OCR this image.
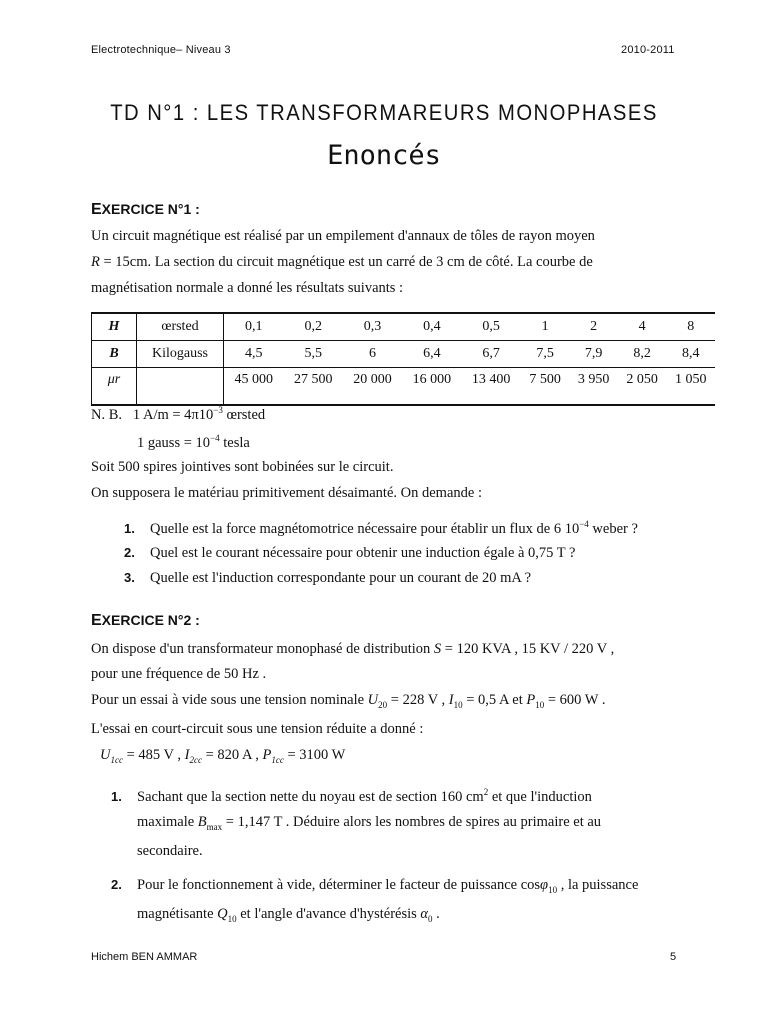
Electrotechnique– Niveau 3	2010-2011
TD N°1 : LES TRANSFORMAREURS MONOPHASES
Enoncés
EXERCICE N°1 :
Un circuit magnétique est réalisé par un empilement d'annaux de tôles de rayon moyen
R = 15cm. La section du circuit magnétique est un carré de 3 cm de côté. La courbe de
magnétisation normale a donné les résultats suivants :
H	œrsted	0,1	0,2	0,3	0,4	0,5	1	2	4	8
B	Kilogauss	4,5	5,5	6	6,4	6,7	7,5	7,9	8,2	8,4
μr		45 000	27 500	20 000	16 000	13 400	7 500	3 950	2 050	1 050
N. B. 1 $A/m = 4\pi 10^{-3}$ œrsted
1 gauss = $10^{-4}$ tesla
Soit 500 spires jointives sont bobinées sur le circuit.
On supposera le matériau primitivement désaimanté. On demande :
1. Quelle est la force magnétomotrice nécessaire pour établir un flux de 6 $10^{-4}$ weber ?
2. Quel est le courant nécessaire pour obtenir une induction égale à 0,75 T ?
3. Quelle est l'induction correspondante pour un courant de 20 mA ?
EXERCICE N°2 :
On dispose d'un transformateur monophasé de distribution S = 120 KVA , 15 KV / 220 V ,
pour une fréquence de 50 Hz .
Pour un essai à vide sous une tension nominale $U_{20} = 228$ V , $I_{10} = 0,5$ A et $P_{10} = 600$ W .
L'essai en court-circuit sous une tension réduite a donné :
$U_{1cc} = 485$ V , $I_{2cc} = 820$ A , $P_{1cc} = 3100$ W
1. Sachant que la section nette du noyau est de section 160 $cm^2$ et que l'induction
maximale $B_{max} = 1,147$ T . Déduire alors les nombres de spires au primaire et au
secondaire.
2. Pour le fonctionnement à vide, déterminer le facteur de puissance cosφ$_{10}$ , la puissance
magnétisante $Q_{10}$ et l'angle d'avance d'hystérésis $\alpha_0$ .
Hichem BEN AMMAR	5
